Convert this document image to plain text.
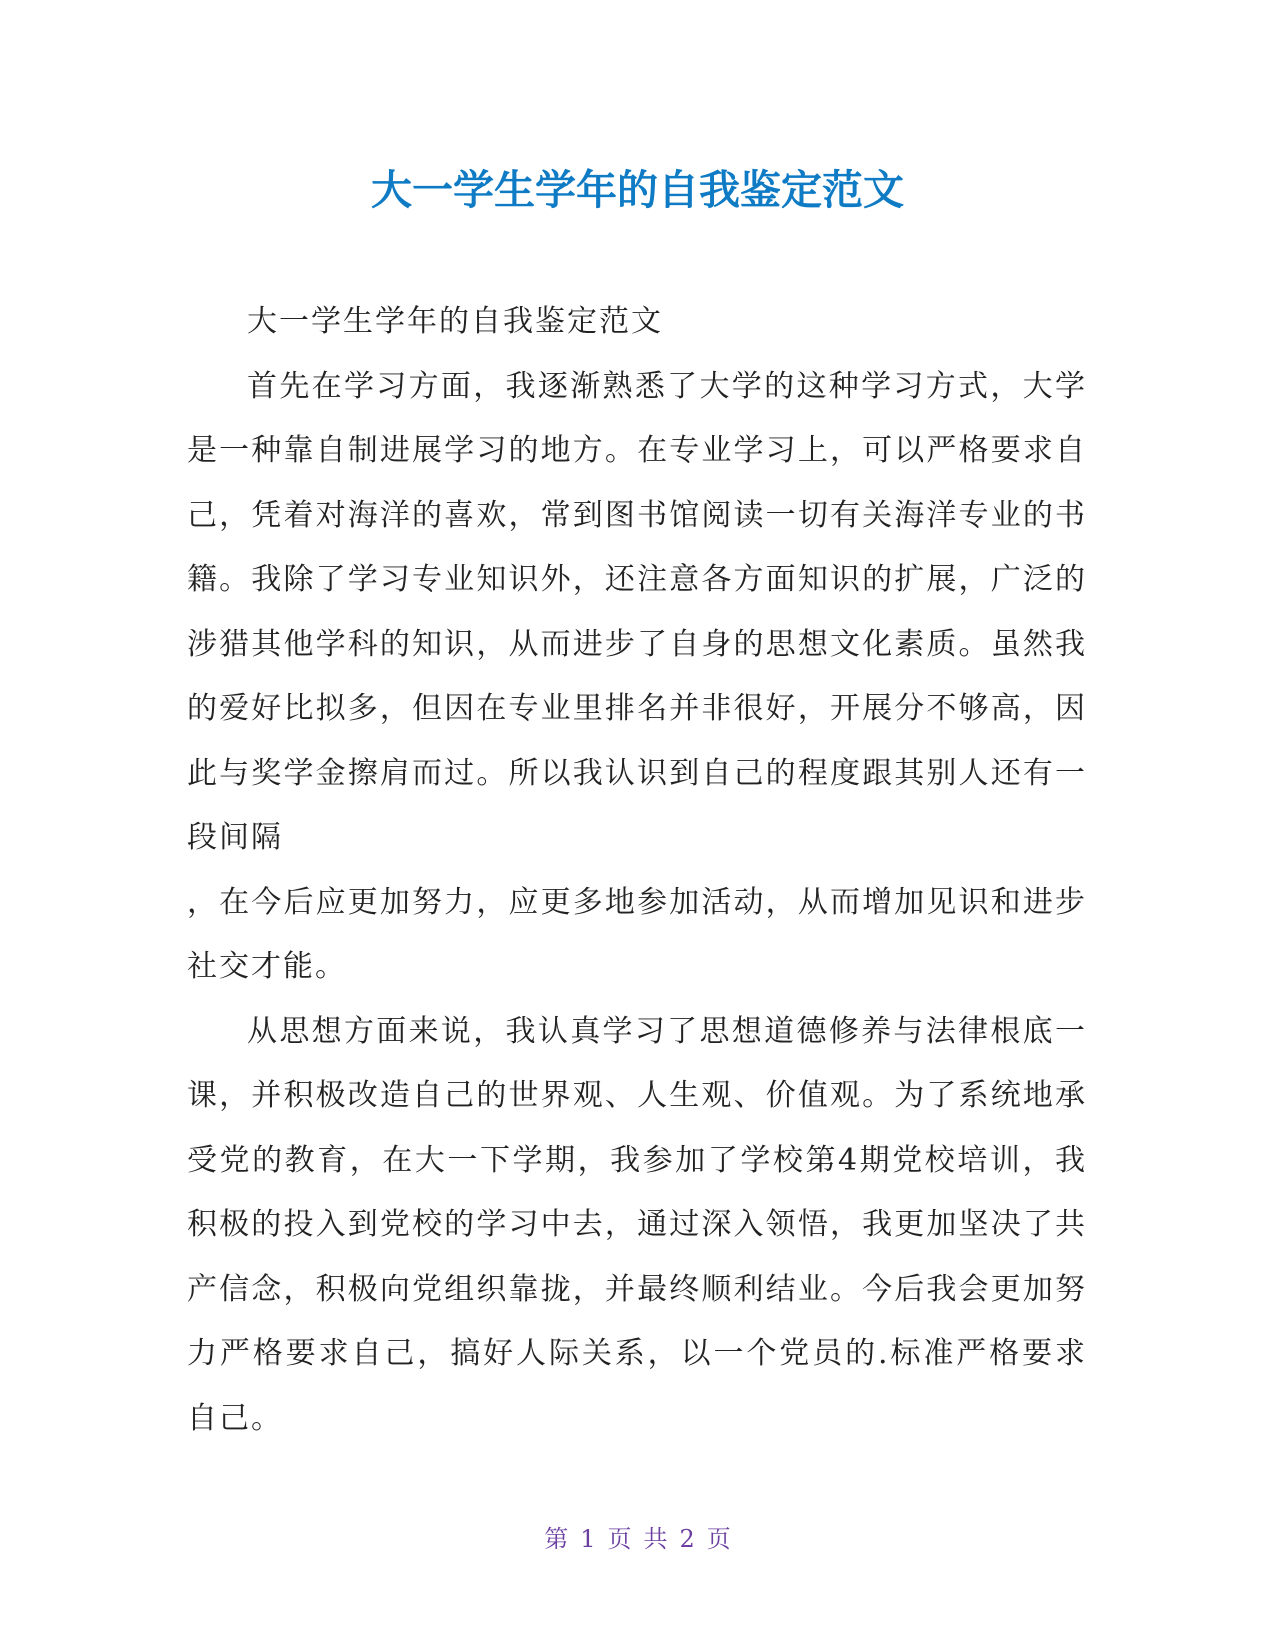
大一学生学年的自我鉴定范文

大一学生学年的自我鉴定范文

首先在学习方面，我逐渐熟悉了大学的这种学习方式，大学是一种靠自制进展学习的地方。在专业学习上，可以严格要求自己，凭着对海洋的喜欢，常到图书馆阅读一切有关海洋专业的书籍。我除了学习专业知识外，还注意各方面知识的扩展，广泛的涉猎其他学科的知识，从而进步了自身的思想文化素质。虽然我的爱好比拟多，但因在专业里排名并非很好，开展分不够高，因此与奖学金擦肩而过。所以我认识到自己的程度跟其别人还有一段间隔

，在今后应更加努力，应更多地参加活动，从而增加见识和进步社交才能。

从思想方面来说，我认真学习了思想道德修养与法律根底一课，并积极改造自己的世界观、人生观、价值观。为了系统地承受党的教育，在大一下学期，我参加了学校第4期党校培训，我积极的投入到党校的学习中去，通过深入领悟，我更加坚决了共产信念，积极向党组织靠拢，并最终顺利结业。今后我会更加努力严格要求自己，搞好人际关系，以一个党员的.标准严格要求自己。

第 1 页 共 2 页
